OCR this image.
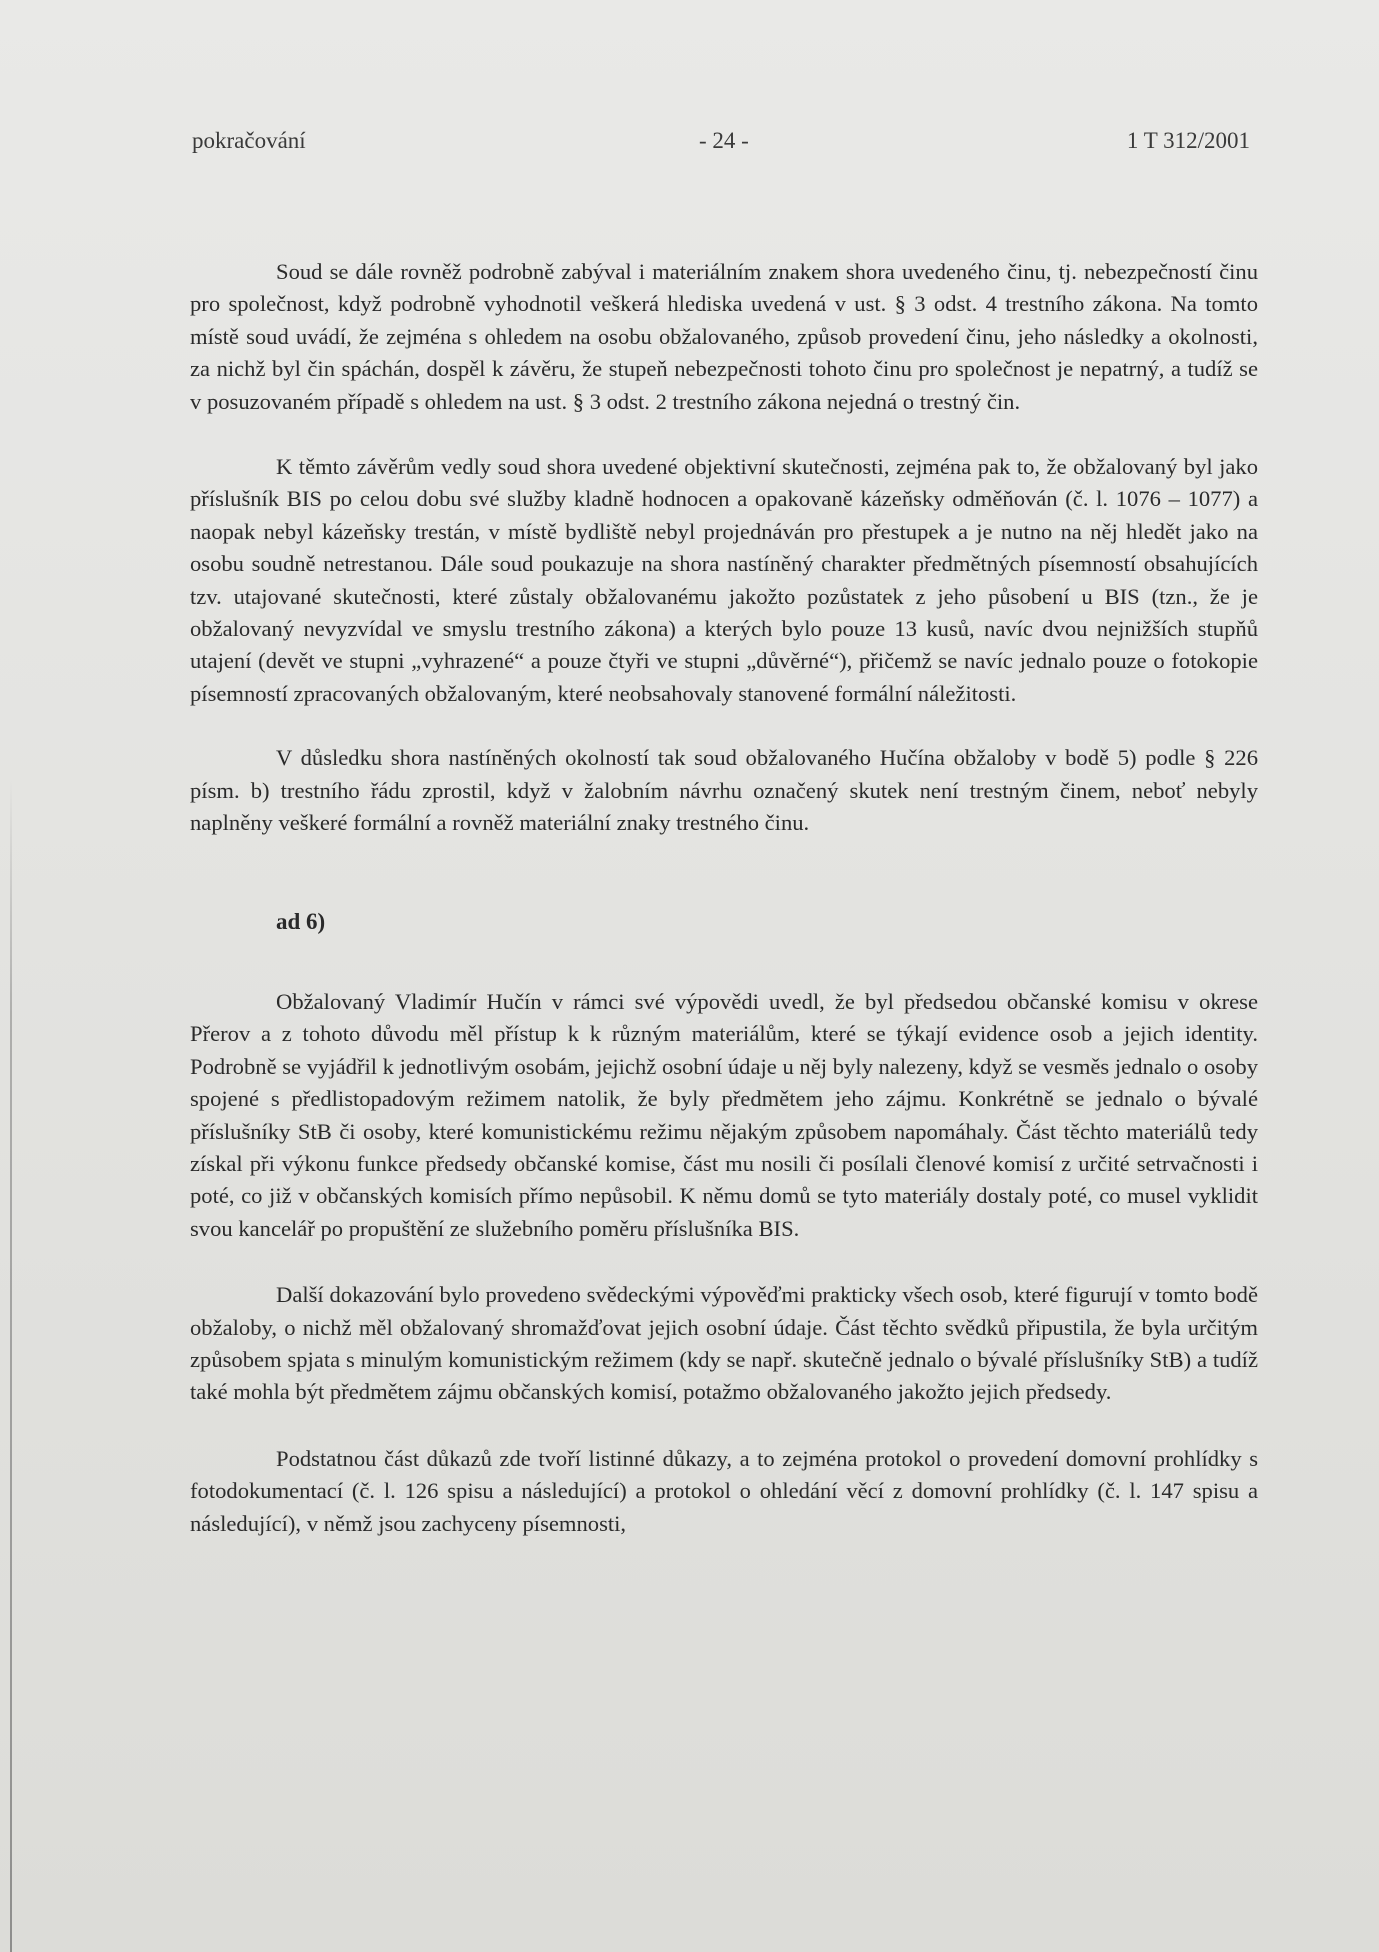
pokračování	- 24 -	1 T 312/2001

Soud se dále rovněž podrobně zabýval i materiálním znakem shora uvedeného činu, tj. nebezpečností činu pro společnost, když podrobně vyhodnotil veškerá hlediska uvedená v ust. § 3 odst. 4 trestního zákona. Na tomto místě soud uvádí, že zejména s ohledem na osobu obžalovaného, způsob provedení činu, jeho následky a okolnosti, za nichž byl čin spáchán, dospěl k závěru, že stupeň nebezpečnosti tohoto činu pro společnost je nepatrný, a tudíž se v posuzovaném případě s ohledem na ust. § 3 odst. 2 trestního zákona nejedná o trestný čin.

K těmto závěrům vedly soud shora uvedené objektivní skutečnosti, zejména pak to, že obžalovaný byl jako příslušník BIS po celou dobu své služby kladně hodnocen a opakovaně kázeňsky odměňován (č. l. 1076 – 1077) a naopak nebyl kázeňsky trestán, v místě bydliště nebyl projednáván pro přestupek a je nutno na něj hledět jako na osobu soudně netrestanou. Dále soud poukazuje na shora nastíněný charakter předmětných písemností obsahujících tzv. utajované skutečnosti, které zůstaly obžalovanému jakožto pozůstatek z jeho působení u BIS (tzn., že je obžalovaný nevyzvídal ve smyslu trestního zákona) a kterých bylo pouze 13 kusů, navíc dvou nejnižších stupňů utajení (devět ve stupni „vyhrazené“ a pouze čtyři ve stupni „důvěrné“), přičemž se navíc jednalo pouze o fotokopie písemností zpracovaných obžalovaným, které neobsahovaly stanovené formální náležitosti.

V důsledku shora nastíněných okolností tak soud obžalovaného Hučína obžaloby v bodě 5) podle § 226 písm. b) trestního řádu zprostil, když v žalobním návrhu označený skutek není trestným činem, neboť nebyly naplněny veškeré formální a rovněž materiální znaky trestného činu.

ad 6)

Obžalovaný Vladimír Hučín v rámci své výpovědi uvedl, že byl předsedou občanské komisu v okrese Přerov a z tohoto důvodu měl přístup k k různým materiálům, které se týkají evidence osob a jejich identity. Podrobně se vyjádřil k jednotlivým osobám, jejichž osobní údaje u něj byly nalezeny, když se vesměs jednalo o osoby spojené s předlistopadovým režimem natolik, že byly předmětem jeho zájmu. Konkrétně se jednalo o bývalé příslušníky StB či osoby, které komunistickému režimu nějakým způsobem napomáhaly. Část těchto materiálů tedy získal při výkonu funkce předsedy občanské komise, část mu nosili či posílali členové komisí z určité setrvačnosti i poté, co již v občanských komisích přímo nepůsobil. K němu domů se tyto materiály dostaly poté, co musel vyklidit svou kancelář po propuštění ze služebního poměru příslušníka BIS.

Další dokazování bylo provedeno svědeckými výpověďmi prakticky všech osob, které figurují v tomto bodě obžaloby, o nichž měl obžalovaný shromažďovat jejich osobní údaje. Část těchto svědků připustila, že byla určitým způsobem spjata s minulým komunistickým režimem (kdy se např. skutečně jednalo o bývalé příslušníky StB) a tudíž také mohla být předmětem zájmu občanských komisí, potažmo obžalovaného jakožto jejich předsedy.

Podstatnou část důkazů zde tvoří listinné důkazy, a to zejména protokol o provedení domovní prohlídky s fotodokumentací (č. l. 126 spisu a následující) a protokol o ohledání věcí z domovní prohlídky (č. l. 147 spisu a následující), v němž jsou zachyceny písemnosti,
